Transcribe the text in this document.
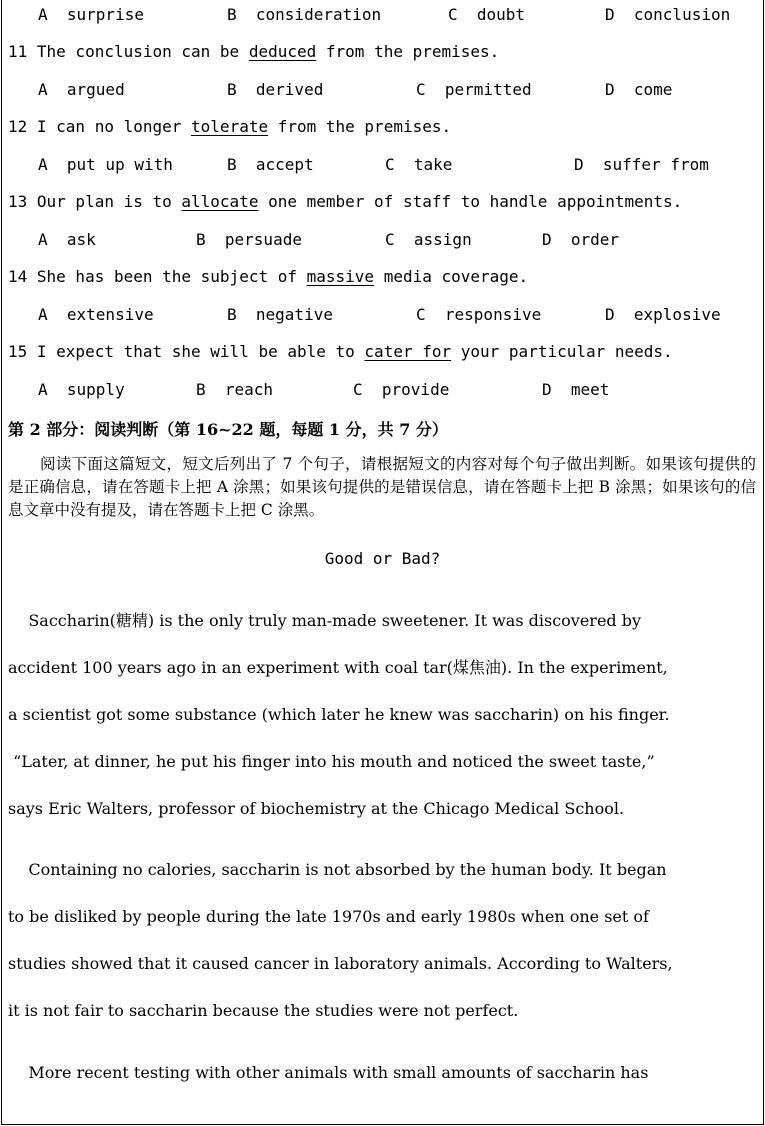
A  surprise	B  consideration	C  doubt	D  conclusion
11 The conclusion can be deduced from the premises.
A  argued	B  derived	C  permitted	D  come
12 I can no longer tolerate from the premises.
A  put up with	B  accept	C  take	D  suffer from
13 Our plan is to allocate one member of staff to handle appointments.
A  ask	B  persuade	C  assign	D  order
14 She has been the subject of massive media coverage.
A  extensive	B  negative	C  responsive	D  explosive
15 I expect that she will be able to cater for your particular needs.
A  supply	B  reach	C  provide	D  meet
第 2 部分：阅读判断（第 16~22 题，每题 1 分，共 7 分）
阅读下面这篇短文，短文后列出了 7 个句子，请根据短文的内容对每个句子做出判断。如果该句提供的是正确信息，请在答题卡上把 A 涂黑；如果该句提供的是错误信息，请在答题卡上把 B 涂黑；如果该句的信息文章中没有提及，请在答题卡上把 C 涂黑。
Good or Bad?
Saccharin(糖精) is the only truly man-made sweetener. It was discovered by
accident 100 years ago in an experiment with coal tar(煤焦油). In the experiment,
a scientist got some substance (which later he knew was saccharin) on his finger.
“Later, at dinner, he put his finger into his mouth and noticed the sweet taste,”
says Eric Walters, professor of biochemistry at the Chicago Medical School.
Containing no calories, saccharin is not absorbed by the human body. It began
to be disliked by people during the late 1970s and early 1980s when one set of
studies showed that it caused cancer in laboratory animals. According to Walters,
it is not fair to saccharin because the studies were not perfect.
More recent testing with other animals with small amounts of saccharin has
